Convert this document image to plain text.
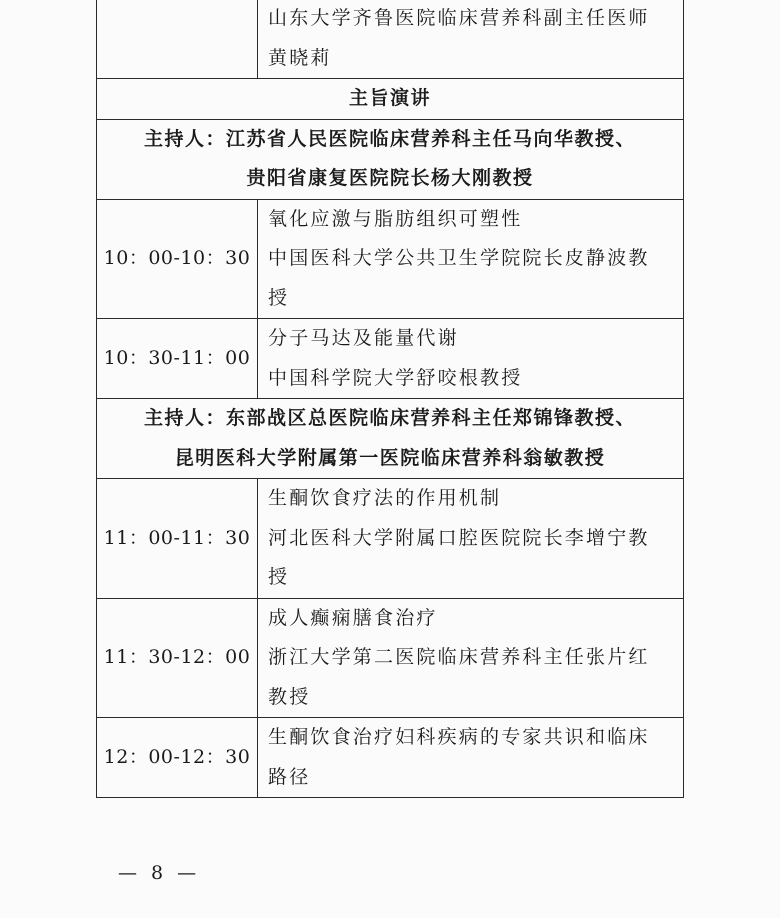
	山东大学齐鲁医院临床营养科副主任医师
黄晓莉

主旨演讲	

主持人：江苏省人民医院临床营养科主任马向华教授、
贵阳省康复医院院长杨大刚教授	

10：00-10：30	氧化应激与脂肪组织可塑性
中国医科大学公共卫生学院院长皮静波教
授

10：30-11：00	分子马达及能量代谢
中国科学院大学舒咬根教授

主持人：东部战区总医院临床营养科主任郑锦锋教授、
昆明医科大学附属第一医院临床营养科翁敏教授	

11：00-11：30	生酮饮食疗法的作用机制
河北医科大学附属口腔医院院长李增宁教
授

11：30-12：00	成人癫痫膳食治疗
浙江大学第二医院临床营养科主任张片红
教授

12：00-12：30	生酮饮食治疗妇科疾病的专家共识和临床
路径
— 8 —
